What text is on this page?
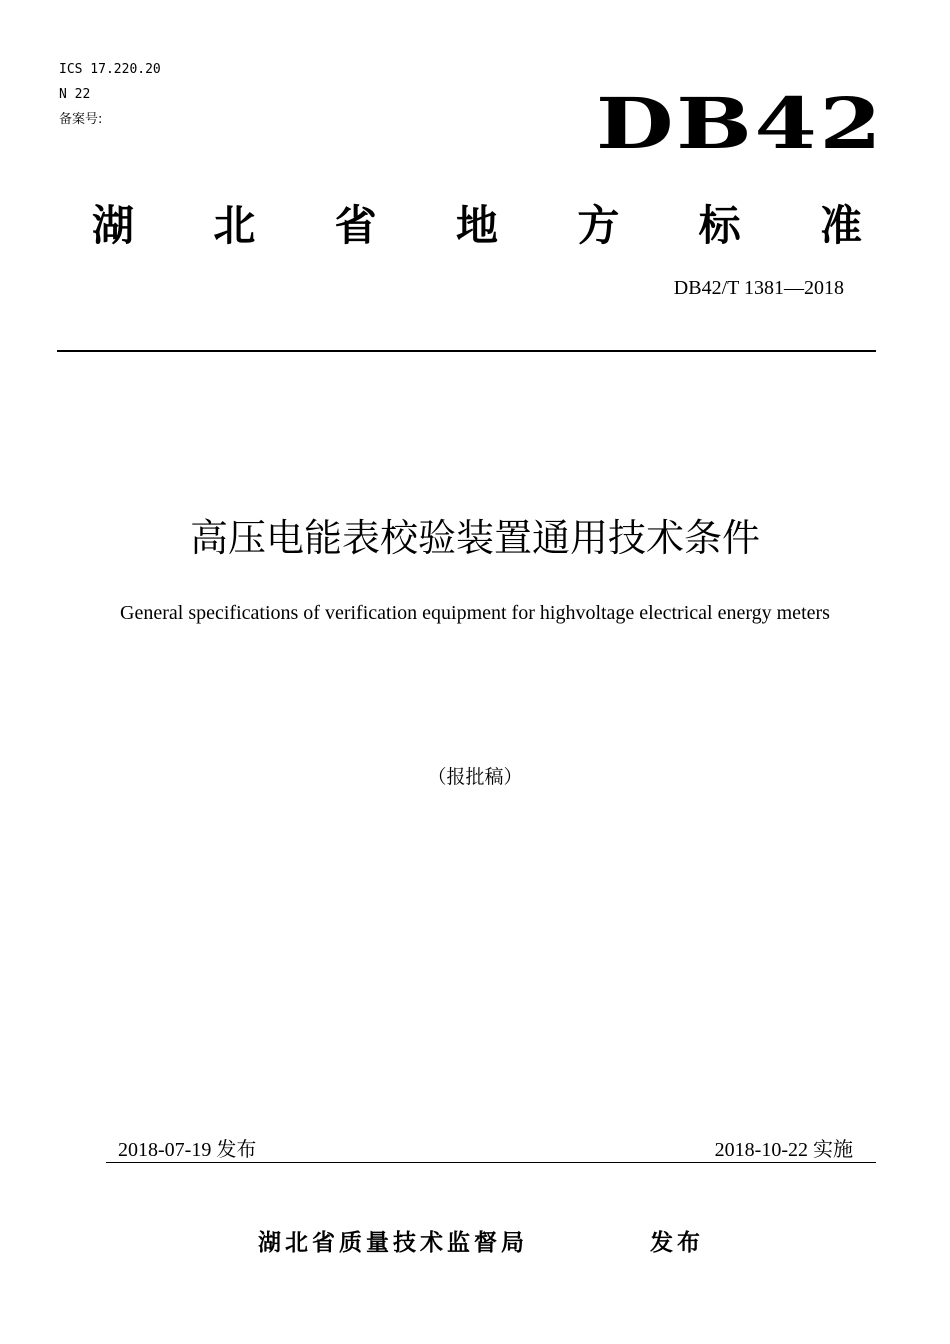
ICS 17.220.20
N 22
备案号:	DB42
湖 北 省 地 方 标 准
DB42/T 1381—2018
高压电能表校验装置通用技术条件
General specifications of verification equipment for highvoltage electrical energy meters
（报批稿）
2018-07-19 发布	2018-10-22 实施
湖北省质量技术监督局	发布
